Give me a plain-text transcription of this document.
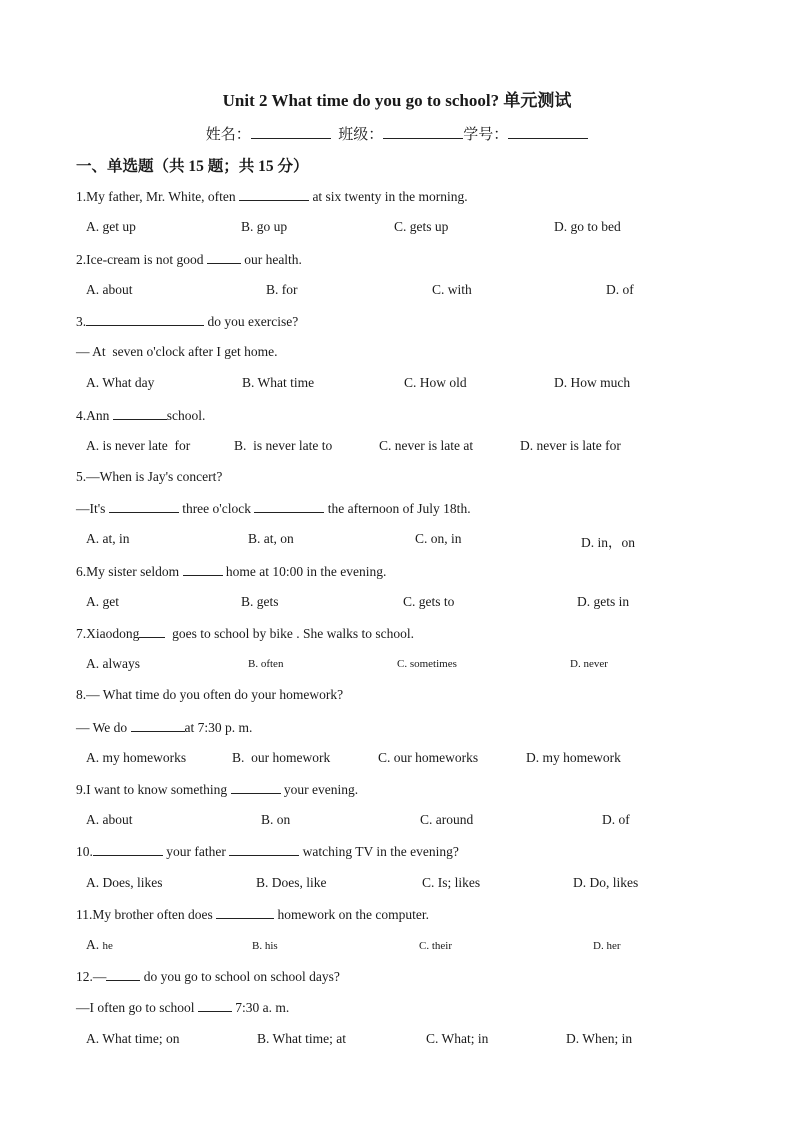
Unit 2 What time do you go to school? 单元测试
姓名：	班级：	学号：
一、单选题（共 15 题；共 15 分）
1.My father, Mr. White, often	at six twenty in the morning.
A. get up	B. go up	C. gets up	D. go to bed
2.Ice-cream is not good	our health.
A. about	B. for	C. with	D. of
3.	do you exercise?
— At  seven o'clock after I get home.
A. What day	B. What time	C. How old	D. How much
4.Ann	school.
A. is never late  for	B.  is never late to	C. never is late at	D. never is late for
5.—When is Jay's concert?
—It's	three o'clock	the afternoon of July 18th.
A. at, in	B. at, on	C. on, in	D. in，on
6.My sister seldom	home at 10:00 in the evening.
A. get	B. gets	C. gets to	D. gets in
7.Xiaodong  goes to school by bike . She walks to school.
A. always	B. often	C. sometimes	D. never
8.— What time do you often do your homework?
— We do	at 7:30 p. m.
A. my homeworks	B.  our homework	C. our homeworks	D. my homework
9.I want to know something	your evening.
A. about	B. on	C. around	D. of
10.	your father	watching TV in the evening?
A. Does, likes	B. Does, like	C. Is; likes	D. Do, likes
11.My brother often does	homework on the computer.
A. he	B. his	C. their	D. her
12.—	do you go to school on school days?
—I often go to school	7:30 a. m.
A. What time; on	B. What time; at	C. What; in	D. When; in
